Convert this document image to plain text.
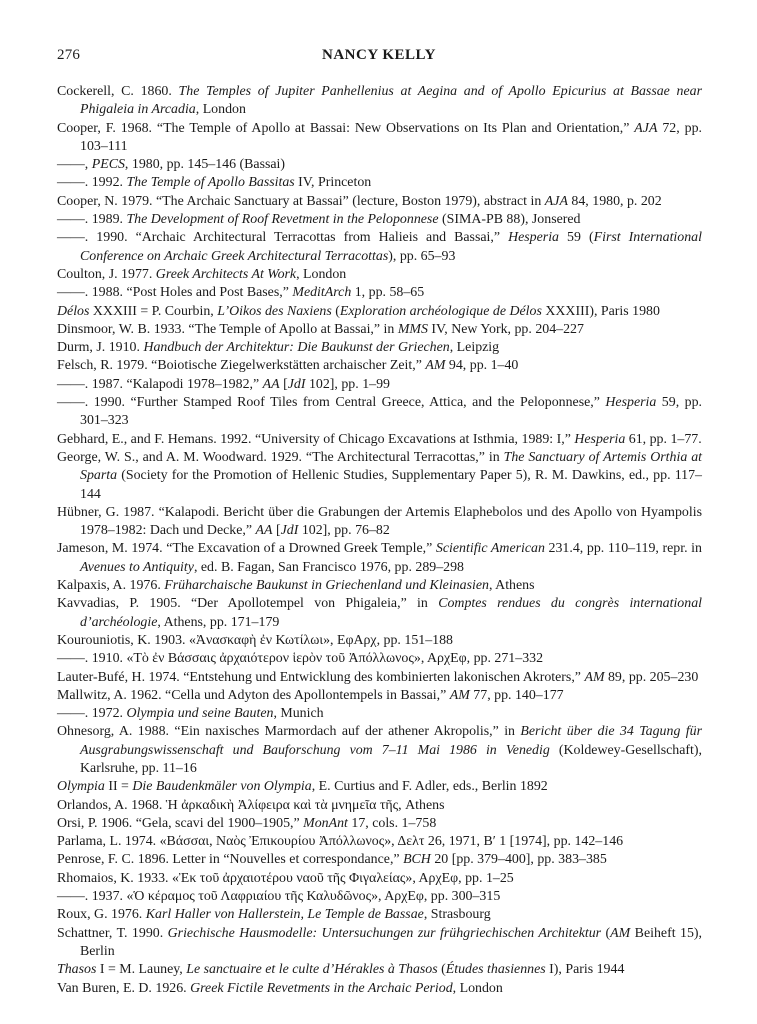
276	NANCY KELLY
Cockerell, C. 1860. The Temples of Jupiter Panhellenius at Aegina and of Apollo Epicurius at Bassae near Phigaleia in Arcadia, London
Cooper, F. 1968. “The Temple of Apollo at Bassai: New Observations on Its Plan and Orientation,” AJA 72, pp. 103–111
——, PECS, 1980, pp. 145–146 (Bassai)
——. 1992. The Temple of Apollo Bassitas IV, Princeton
Cooper, N. 1979. “The Archaic Sanctuary at Bassai” (lecture, Boston 1979), abstract in AJA 84, 1980, p. 202
——. 1989. The Development of Roof Revetment in the Peloponnese (SIMA-PB 88), Jonsered
——. 1990. “Archaic Architectural Terracottas from Halieis and Bassai,” Hesperia 59 (First International Conference on Archaic Greek Architectural Terracottas), pp. 65–93
Coulton, J. 1977. Greek Architects At Work, London
——. 1988. “Post Holes and Post Bases,” MeditArch 1, pp. 58–65
Délos XXXIII = P. Courbin, L’Oikos des Naxiens (Exploration archéologique de Délos XXXIII), Paris 1980
Dinsmoor, W. B. 1933. “The Temple of Apollo at Bassai,” in MMS IV, New York, pp. 204–227
Durm, J. 1910. Handbuch der Architektur: Die Baukunst der Griechen, Leipzig
Felsch, R. 1979. “Boiotische Ziegelwerkstätten archaischer Zeit,” AM 94, pp. 1–40
——. 1987. “Kalapodi 1978–1982,” AA [JdI 102], pp. 1–99
——. 1990. “Further Stamped Roof Tiles from Central Greece, Attica, and the Peloponnese,” Hesperia 59, pp. 301–323
Gebhard, E., and F. Hemans. 1992. “University of Chicago Excavations at Isthmia, 1989: I,” Hesperia 61, pp. 1–77.
George, W. S., and A. M. Woodward. 1929. “The Architectural Terracottas,” in The Sanctuary of Artemis Orthia at Sparta (Society for the Promotion of Hellenic Studies, Supplementary Paper 5), R. M. Dawkins, ed., pp. 117–144
Hübner, G. 1987. “Kalapodi. Bericht über die Grabungen der Artemis Elaphebolos und des Apollo von Hyampolis 1978–1982: Dach und Decke,” AA [JdI 102], pp. 76–82
Jameson, M. 1974. “The Excavation of a Drowned Greek Temple,” Scientific American 231.4, pp. 110–119, repr. in Avenues to Antiquity, ed. B. Fagan, San Francisco 1976, pp. 289–298
Kalpaxis, A. 1976. Früharchaische Baukunst in Griechenland und Kleinasien, Athens
Kavvadias, P. 1905. “Der Apollotempel von Phigaleia,” in Comptes rendues du congrès international d’archéologie, Athens, pp. 171–179
Kourouniotis, K. 1903. «Ἀνασκαφὴ ἐν Κωτίλωι», ΕφΑρχ, pp. 151–188
——. 1910. «Τὸ ἐν Βάσσαις ἀρχαιότερον ἱερὸν τοῦ Ἀπόλλωνος», ΑρχΕφ, pp. 271–332
Lauter-Bufé, H. 1974. “Entstehung und Entwicklung des kombinierten lakonischen Akroters,” AM 89, pp. 205–230
Mallwitz, A. 1962. “Cella und Adyton des Apollontempels in Bassai,” AM 77, pp. 140–177
——. 1972. Olympia und seine Bauten, Munich
Ohnesorg, A. 1988. “Ein naxisches Marmordach auf der athener Akropolis,” in Bericht über die 34 Tagung für Ausgrabungswissenschaft und Bauforschung vom 7–11 Mai 1986 in Venedig (Koldewey-Gesellschaft), Karlsruhe, pp. 11–16
Olympia II = Die Baudenkmäler von Olympia, E. Curtius and F. Adler, eds., Berlin 1892
Orlandos, A. 1968. Ἡ ἀρκαδικὴ Ἀλίφειρα καὶ τὰ μνημεῖα τῆς, Athens
Orsi, P. 1906. “Gela, scavi del 1900–1905,” MonAnt 17, cols. 1–758
Parlama, L. 1974. «Βάσσαι, Ναὸς Ἐπικουρίου Ἀπόλλωνος», Δελτ 26, 1971, Β′ 1 [1974], pp. 142–146
Penrose, F. C. 1896. Letter in “Nouvelles et correspondance,” BCH 20 [pp. 379–400], pp. 383–385
Rhomaios, K. 1933. «Ἐκ τοῦ ἀρχαιοτέρου ναοῦ τῆς Φιγαλείας», ΑρχΕφ, pp. 1–25
——. 1937. «Ὁ κέραμος τοῦ Λαφριαίου τῆς Καλυδῶνος», ΑρχΕφ, pp. 300–315
Roux, G. 1976. Karl Haller von Hallerstein, Le Temple de Bassae, Strasbourg
Schattner, T. 1990. Griechische Hausmodelle: Untersuchungen zur frühgriechischen Architektur (AM Beiheft 15), Berlin
Thasos I = M. Launey, Le sanctuaire et le culte d’Hérakles à Thasos (Études thasiennes I), Paris 1944
Van Buren, E. D. 1926. Greek Fictile Revetments in the Archaic Period, London
